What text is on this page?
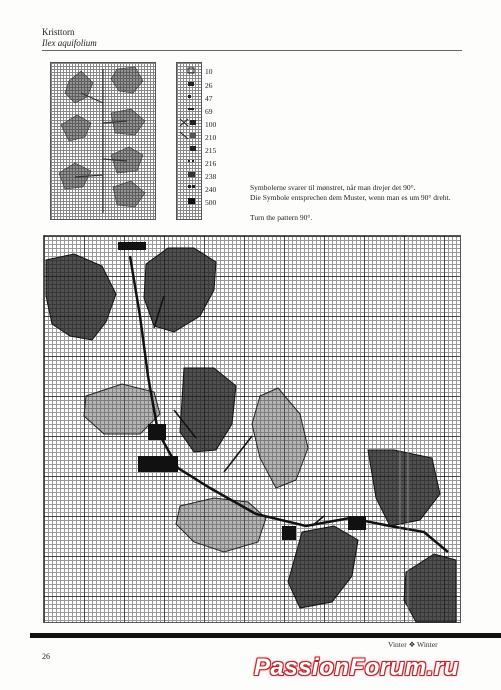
Kristtorn
Ilex aquifolium
10
26
47
69
100
210
215
216
238
240
500
Symbolerne svarer til mønstret, når man drejer det 90°.
Die Symbole entsprechen dem Muster, wenn man es um 90° dreht.
Turn the pattern 90°.
26
Vinter ❖ Winter
PassionForum.ru
